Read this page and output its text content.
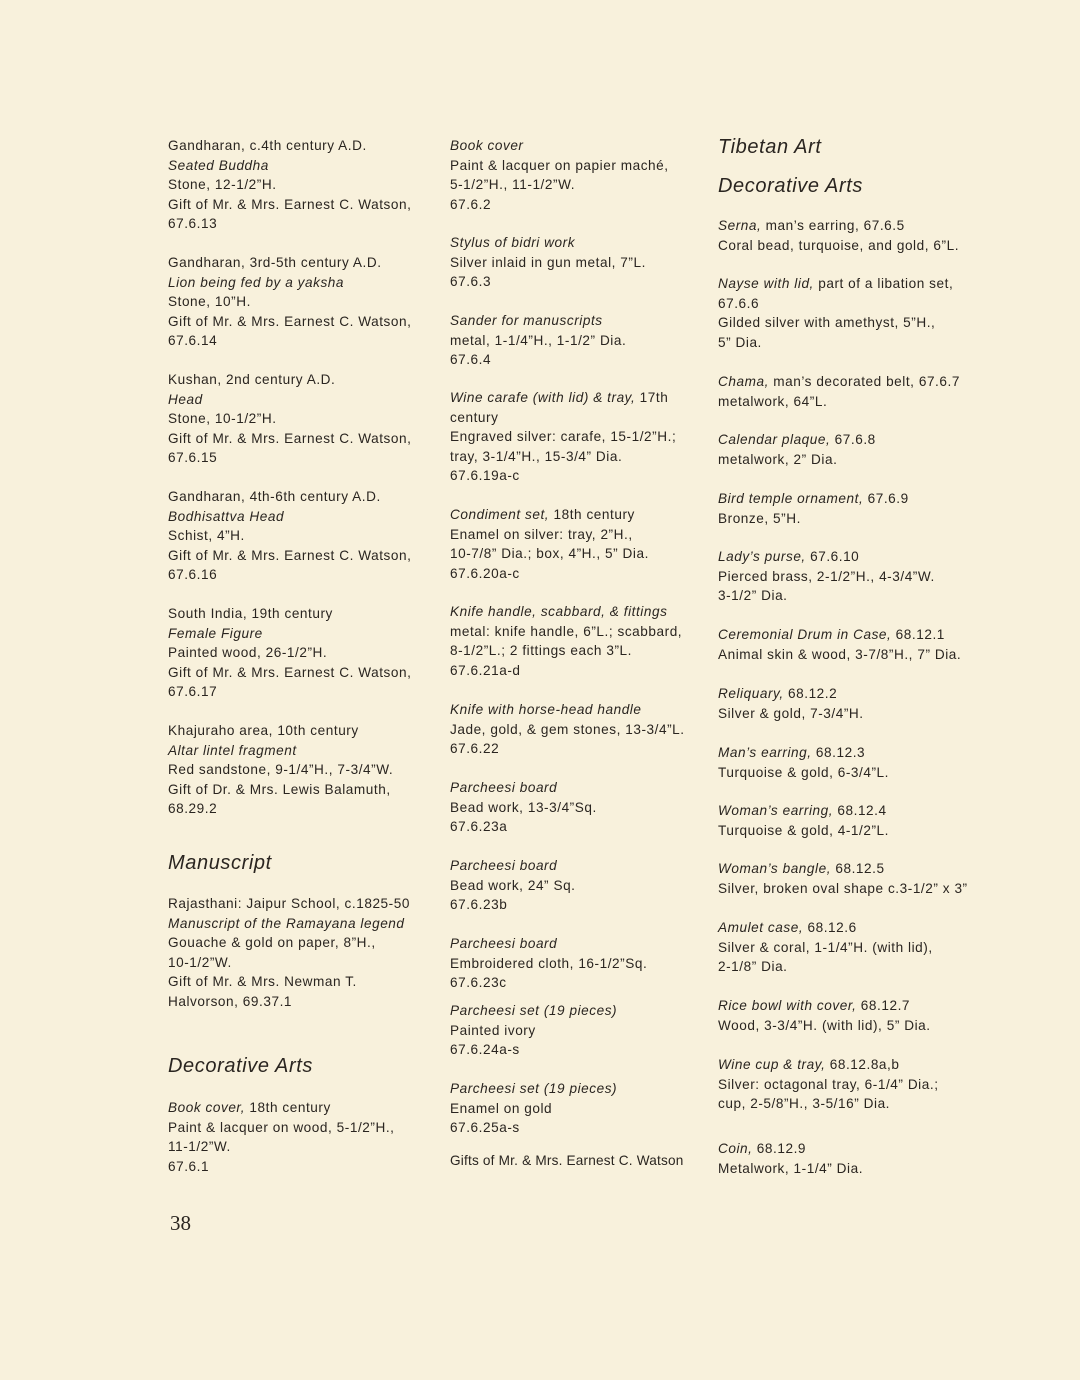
Gandharan, c.4th century A.D.
Seated Buddha
Stone, 12-1/2”H.
Gift of Mr. & Mrs. Earnest C. Watson,
67.6.13
Gandharan, 3rd-5th century A.D.
Lion being fed by a yaksha
Stone, 10”H.
Gift of Mr. & Mrs. Earnest C. Watson,
67.6.14
Kushan, 2nd century A.D.
Head
Stone, 10-1/2”H.
Gift of Mr. & Mrs. Earnest C. Watson,
67.6.15
Gandharan, 4th-6th century A.D.
Bodhisattva Head
Schist, 4”H.
Gift of Mr. & Mrs. Earnest C. Watson,
67.6.16
South India, 19th century
Female Figure
Painted wood, 26-1/2”H.
Gift of Mr. & Mrs. Earnest C. Watson,
67.6.17
Khajuraho area, 10th century
Altar lintel fragment
Red sandstone, 9-1/4”H., 7-3/4”W.
Gift of Dr. & Mrs. Lewis Balamuth,
68.29.2
Manuscript
Rajasthani: Jaipur School, c.1825-50
Manuscript of the Ramayana legend
Gouache & gold on paper, 8”H.,
10-1/2”W.
Gift of Mr. & Mrs. Newman T.
Halvorson, 69.37.1
Decorative Arts
Book cover, 18th century
Paint & lacquer on wood, 5-1/2”H.,
11-1/2”W.
67.6.1
Book cover
Paint & lacquer on papier maché,
5-1/2”H., 11-1/2”W.
67.6.2
Stylus of bidri work
Silver inlaid in gun metal, 7”L.
67.6.3
Sander for manuscripts
metal, 1-1/4”H., 1-1/2” Dia.
67.6.4
Wine carafe (with lid) & tray, 17th
century
Engraved silver: carafe, 15-1/2”H.;
tray, 3-1/4”H., 15-3/4” Dia.
67.6.19a-c
Condiment set, 18th century
Enamel on silver: tray, 2”H.,
10-7/8” Dia.; box, 4”H., 5” Dia.
67.6.20a-c
Knife handle, scabbard, & fittings
metal: knife handle, 6”L.; scabbard,
8-1/2”L.; 2 fittings each 3”L.
67.6.21a-d
Knife with horse-head handle
Jade, gold, & gem stones, 13-3/4”L.
67.6.22
Parcheesi board
Bead work, 13-3/4”Sq.
67.6.23a
Parcheesi board
Bead work, 24” Sq.
67.6.23b
Parcheesi board
Embroidered cloth, 16-1/2”Sq.
67.6.23c
Parcheesi set (19 pieces)
Painted ivory
67.6.24a-s
Parcheesi set (19 pieces)
Enamel on gold
67.6.25a-s
Gifts of Mr. & Mrs. Earnest C. Watson
Tibetan Art
Decorative Arts
Serna, man’s earring, 67.6.5
Coral bead, turquoise, and gold, 6”L.
Nayse with lid, part of a libation set,
67.6.6
Gilded silver with amethyst, 5”H.,
5” Dia.
Chama, man’s decorated belt, 67.6.7
metalwork, 64”L.
Calendar plaque, 67.6.8
metalwork, 2” Dia.
Bird temple ornament, 67.6.9
Bronze, 5”H.
Lady’s purse, 67.6.10
Pierced brass, 2-1/2”H., 4-3/4”W.
3-1/2” Dia.
Ceremonial Drum in Case, 68.12.1
Animal skin & wood, 3-7/8”H., 7” Dia.
Reliquary, 68.12.2
Silver & gold, 7-3/4”H.
Man’s earring, 68.12.3
Turquoise & gold, 6-3/4”L.
Woman’s earring, 68.12.4
Turquoise & gold, 4-1/2”L.
Woman’s bangle, 68.12.5
Silver, broken oval shape c.3-1/2” x 3”
Amulet case, 68.12.6
Silver & coral, 1-1/4”H. (with lid),
2-1/8” Dia.
Rice bowl with cover, 68.12.7
Wood, 3-3/4”H. (with lid), 5” Dia.
Wine cup & tray, 68.12.8a,b
Silver: octagonal tray, 6-1/4” Dia.;
cup, 2-5/8”H., 3-5/16” Dia.
Coin, 68.12.9
Metalwork, 1-1/4” Dia.
38
